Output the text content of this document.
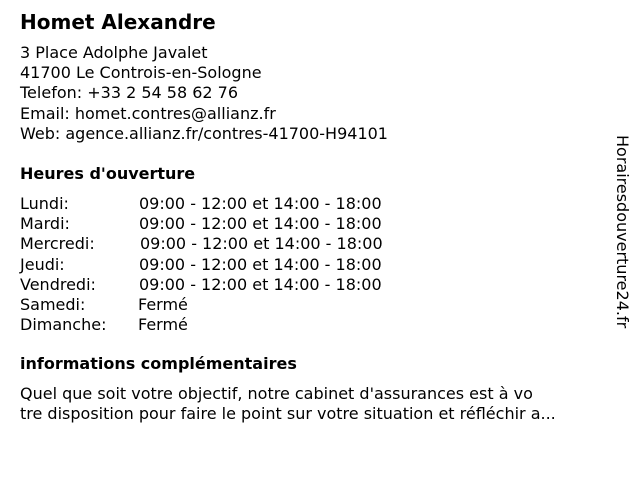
Homet Alexandre
3 Place Adolphe Javalet
41700 Le Controis-en-Sologne
Telefon: +33 2 54 58 62 76
Email: homet.contres@allianz.fr
Web: agence.allianz.fr/contres-41700-H94101
Heures d'ouverture
Lundi:	09:00 - 12:00 et 14:00 - 18:00
Mardi:	09:00 - 12:00 et 14:00 - 18:00
Mercredi:	09:00 - 12:00 et 14:00 - 18:00
Jeudi:	09:00 - 12:00 et 14:00 - 18:00
Vendredi:	09:00 - 12:00 et 14:00 - 18:00
Samedi:	Fermé
Dimanche: Fermé
informations complémentaires
Quel que soit votre objectif, notre cabinet d'assurances est à vo
tre disposition pour faire le point sur votre situation et réfléchir a...
Horairesdouverture24.fr
